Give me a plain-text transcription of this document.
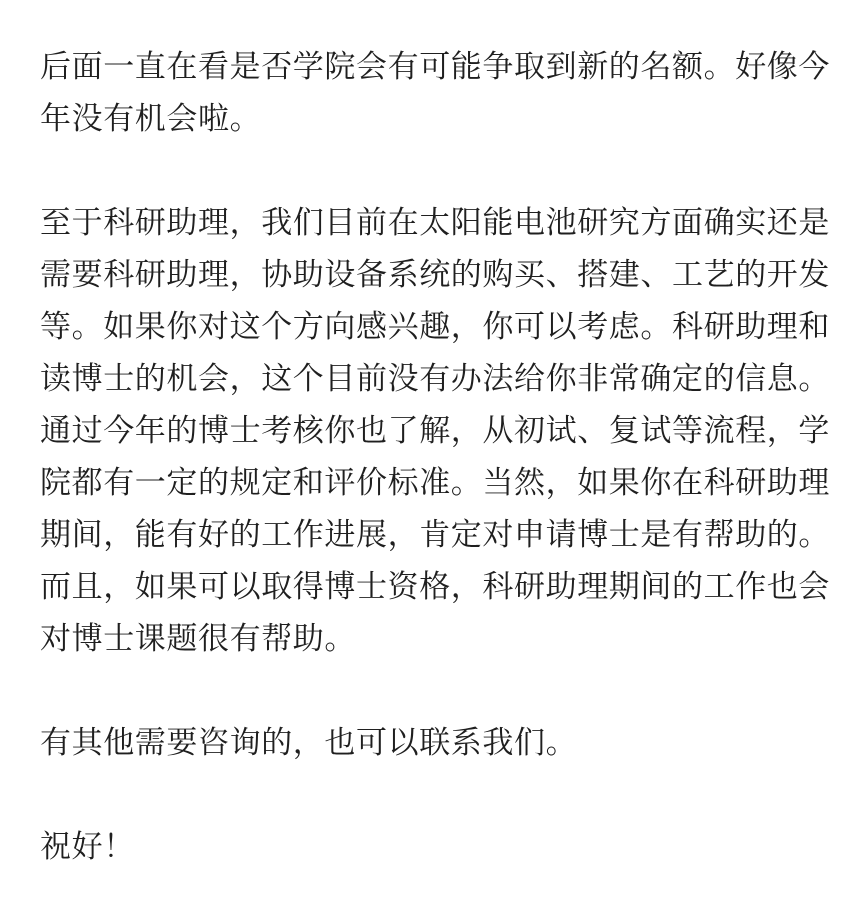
后面一直在看是否学院会有可能争取到新的名额。好像今年没有机会啦。

至于科研助理，我们目前在太阳能电池研究方面确实还是需要科研助理，协助设备系统的购买、搭建、工艺的开发等。如果你对这个方向感兴趣，你可以考虑。科研助理和读博士的机会，这个目前没有办法给你非常确定的信息。通过今年的博士考核你也了解，从初试、复试等流程，学院都有一定的规定和评价标准。当然，如果你在科研助理期间，能有好的工作进展，肯定对申请博士是有帮助的。而且，如果可以取得博士资格，科研助理期间的工作也会对博士课题很有帮助。

有其他需要咨询的，也可以联系我们。

祝好！
